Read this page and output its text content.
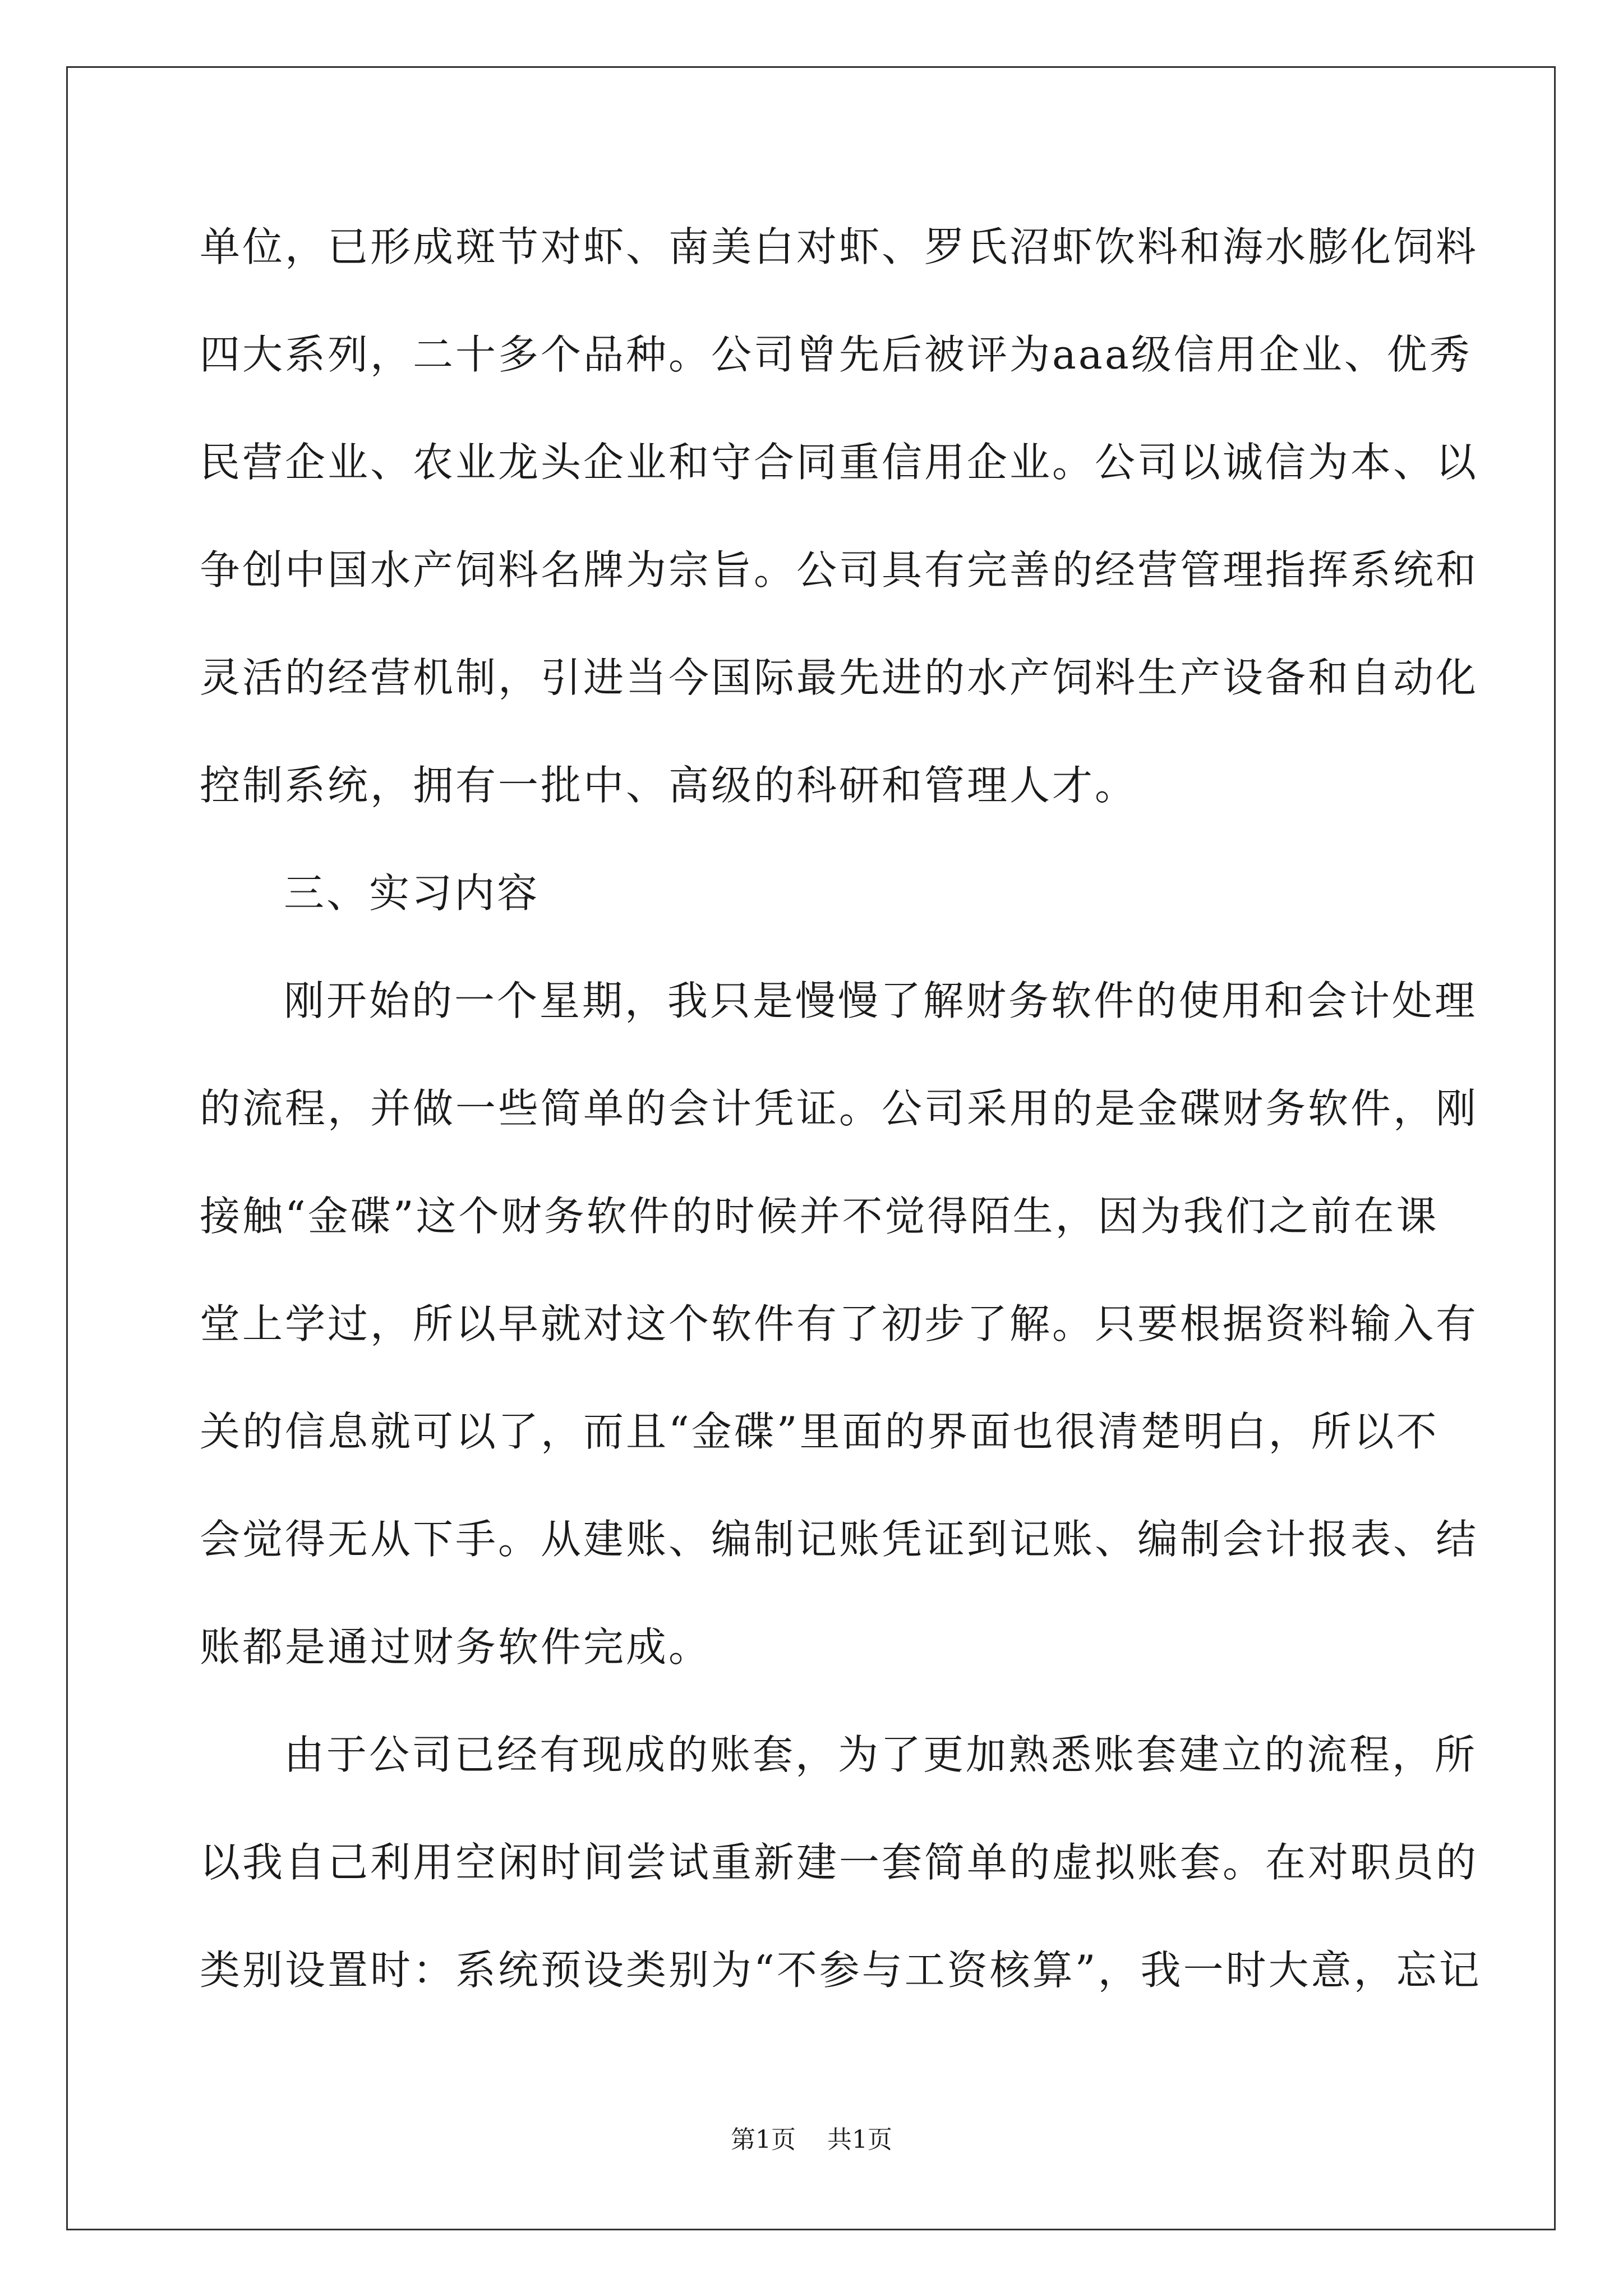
单位，已形成斑节对虾、南美白对虾、罗氏沼虾饮料和海水膨化饲料
四大系列，二十多个品种。公司曾先后被评为aaa级信用企业、优秀
民营企业、农业龙头企业和守合同重信用企业。公司以诚信为本、以
争创中国水产饲料名牌为宗旨。公司具有完善的经营管理指挥系统和
灵活的经营机制，引进当今国际最先进的水产饲料生产设备和自动化
控制系统，拥有一批中、高级的科研和管理人才。
三、实习内容
刚开始的一个星期，我只是慢慢了解财务软件的使用和会计处理
的流程，并做一些简单的会计凭证。公司采用的是金碟财务软件，刚
接触“金碟”这个财务软件的时候并不觉得陌生，因为我们之前在课
堂上学过，所以早就对这个软件有了初步了解。只要根据资料输入有
关的信息就可以了，而且“金碟”里面的界面也很清楚明白，所以不
会觉得无从下手。从建账、编制记账凭证到记账、编制会计报表、结
账都是通过财务软件完成。
由于公司已经有现成的账套，为了更加熟悉账套建立的流程，所
以我自己利用空闲时间尝试重新建一套简单的虚拟账套。在对职员的
类别设置时：系统预设类别为“不参与工资核算”，我一时大意，忘记
第1页 共1页
